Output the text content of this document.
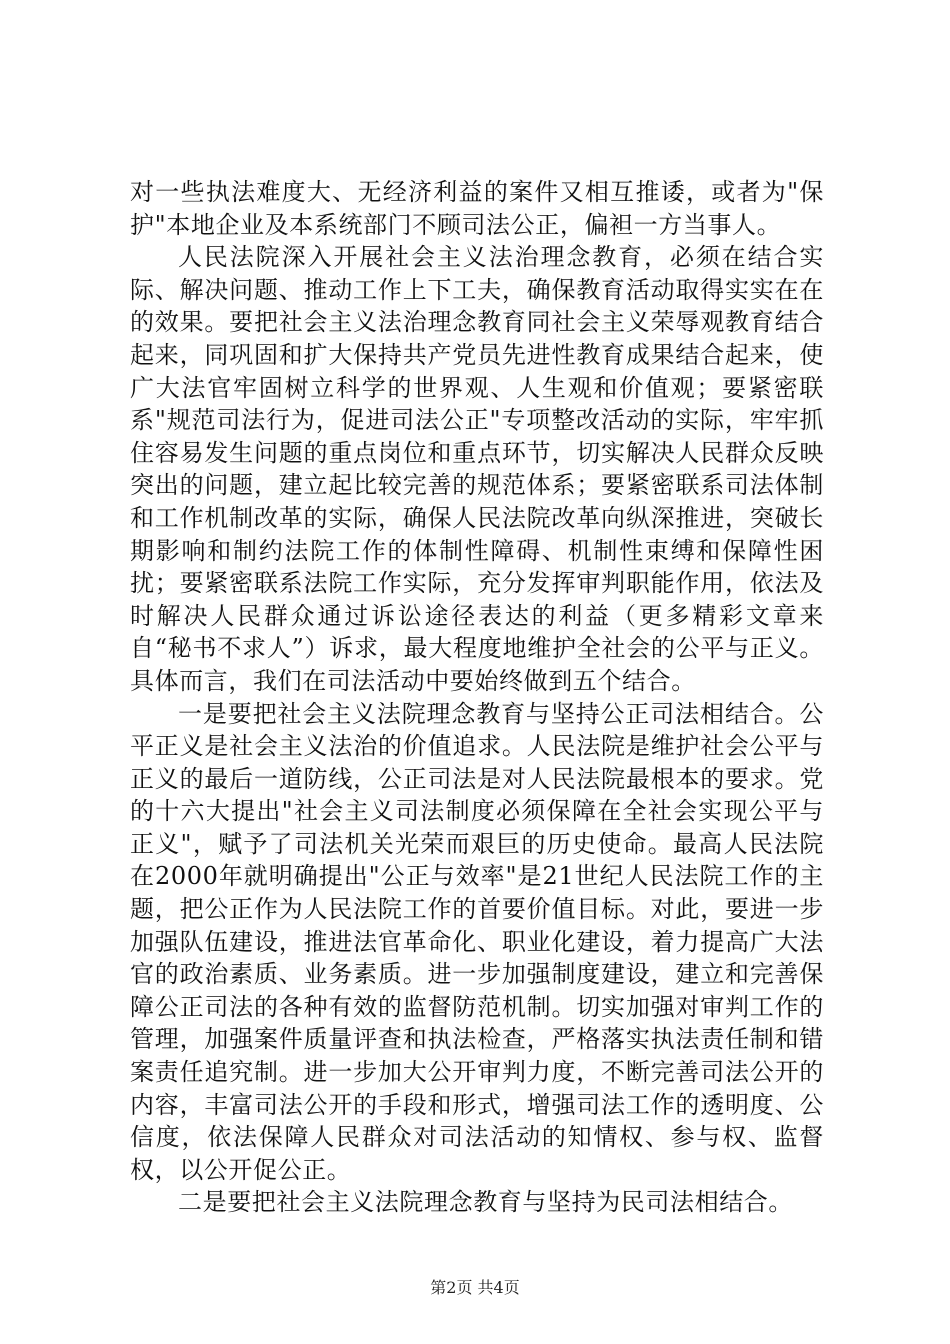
对一些执法难度大、无经济利益的案件又相互推诿，或者为"保护"本地企业及本系统部门不顾司法公正，偏袒一方当事人。

人民法院深入开展社会主义法治理念教育，必须在结合实际、解决问题、推动工作上下工夫，确保教育活动取得实实在在的效果。要把社会主义法治理念教育同社会主义荣辱观教育结合起来，同巩固和扩大保持共产党员先进性教育成果结合起来，使广大法官牢固树立科学的世界观、人生观和价值观；要紧密联系"规范司法行为，促进司法公正"专项整改活动的实际，牢牢抓住容易发生问题的重点岗位和重点环节，切实解决人民群众反映突出的问题，建立起比较完善的规范体系；要紧密联系司法体制和工作机制改革的实际，确保人民法院改革向纵深推进，突破长期影响和制约法院工作的体制性障碍、机制性束缚和保障性困扰；要紧密联系法院工作实际，充分发挥审判职能作用，依法及时解决人民群众通过诉讼途径表达的利益（更多精彩文章来自“秘书不求人”）诉求，最大程度地维护全社会的公平与正义。具体而言，我们在司法活动中要始终做到五个结合。

一是要把社会主义法院理念教育与坚持公正司法相结合。公平正义是社会主义法治的价值追求。人民法院是维护社会公平与正义的最后一道防线，公正司法是对人民法院最根本的要求。党的十六大提出"社会主义司法制度必须保障在全社会实现公平与正义"，赋予了司法机关光荣而艰巨的历史使命。最高人民法院在2000年就明确提出"公正与效率"是21世纪人民法院工作的主题，把公正作为人民法院工作的首要价值目标。对此，要进一步加强队伍建设，推进法官革命化、职业化建设，着力提高广大法官的政治素质、业务素质。进一步加强制度建设，建立和完善保障公正司法的各种有效的监督防范机制。切实加强对审判工作的管理，加强案件质量评查和执法检查，严格落实执法责任制和错案责任追究制。进一步加大公开审判力度，不断完善司法公开的内容，丰富司法公开的手段和形式，增强司法工作的透明度、公信度，依法保障人民群众对司法活动的知情权、参与权、监督权，以公开促公正。

二是要把社会主义法院理念教育与坚持为民司法相结合。

第2页 共4页
